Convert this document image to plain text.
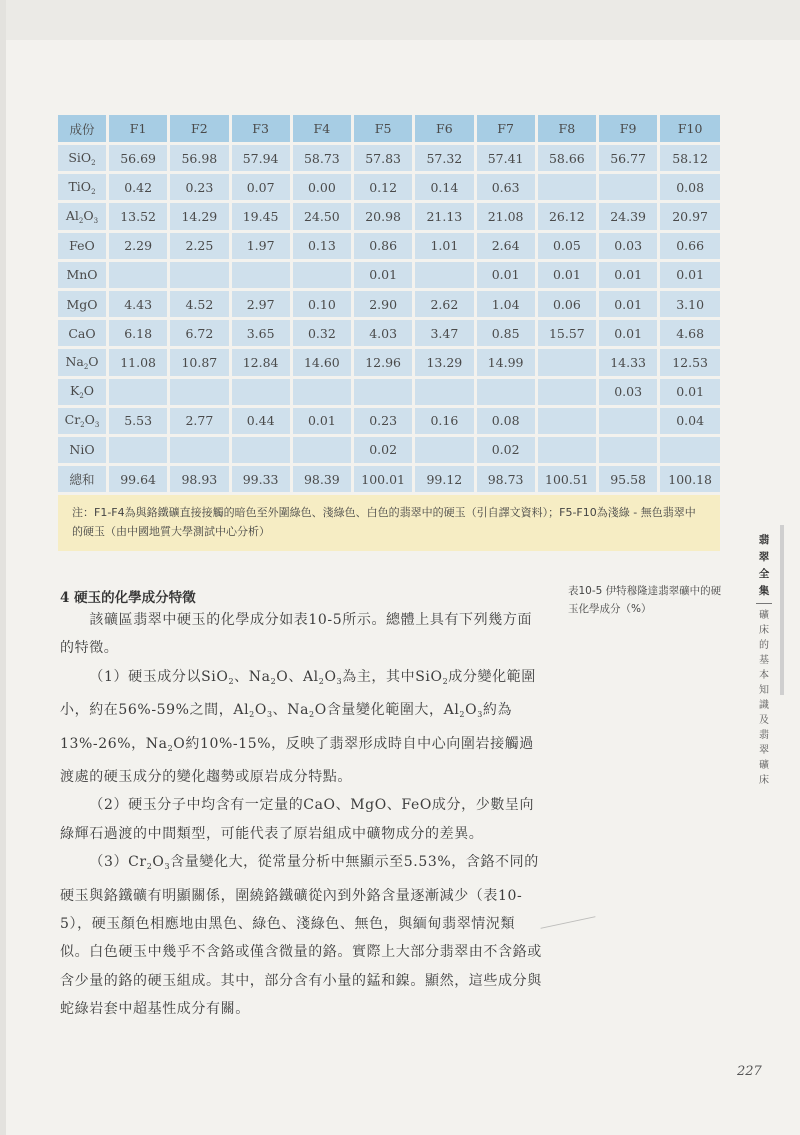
成份	F1	F2	F3	F4	F5	F6	F7	F8	F9	F10
SiO$_2$	56.69	56.98	57.94	58.73	57.83	57.32	57.41	58.66	56.77	58.12
TiO$_2$	0.42	0.23	0.07	0.00	0.12	0.14	0.63			0.08
$Al_2O_3$	13.52	14.29	19.45	24.50	20.98	21.13	21.08	26.12	24.39	20.97
FeO	2.29	2.25	1.97	0.13	0.86	1.01	2.64	0.05	0.03	0.66
MnO					0.01		0.01	0.01	0.01	0.01
MgO	4.43	4.52	2.97	0.10	2.90	2.62	1.04	0.06	0.01	3.10
CaO	6.18	6.72	3.65	0.32	4.03	3.47	0.85	15.57	0.01	4.68
$Na_2O$	11.08	10.87	12.84	14.60	12.96	13.29	14.99		14.33	12.53
$K_2O$									0.03	0.01
$Cr_2O_3$	5.53	2.77	0.44	0.01	0.23	0.16	0.08			0.04
NiO					0.02		0.02			
總和	99.64	98.93	99.33	98.39	100.01	99.12	98.73	100.51	95.58	100.18
注：F1-F4為與鉻鐵礦直接接觸的暗色至外圍綠色、淺綠色、白色的翡翠中的硬玉（引自譯文資料）；F5-F10為淺綠 - 無色翡翠中的硬玉（由中國地質大學測試中心分析）
4 硬玉的化學成分特徵

該礦區翡翠中硬玉的化學成分如表10-5所示。總體上具有下列幾方面的特徵。

（1）硬玉成分以SiO$_2$、$Na_2O$、$Al_2O_3$為主，其中SiO$_2$成分變化範圍小，約在56%-59%之間，$Al_2O_3$、$Na_2O$含量變化範圍大，$Al_2O_3$約為13%-26%，$Na_2O$約10%-15%，反映了翡翠形成時自中心向圍岩接觸過渡處的硬玉成分的變化趨勢或原岩成分特點。

（2）硬玉分子中均含有一定量的CaO、MgO、FeO成分，少數呈向綠輝石過渡的中間類型，可能代表了原岩組成中礦物成分的差異。

$(3)Cr_2O_3$含量變化大，從常量分析中無顯示至5.53%，含鉻不同的硬玉與鉻鐵礦有明顯關係，圍繞鉻鐵礦從內到外鉻含量逐漸減少（表10-5），硬玉顏色相應地由黑色、綠色、淺綠色、無色，與緬甸翡翠情況類似。白色硬玉中幾乎不含鉻或僅含微量的鉻。實際上大部分翡翠由不含鉻或含少量的鉻的硬玉組成。其中，部分含有小量的錳和鎳。顯然，這些成分與蛇綠岩套中超基性成分有關。

表10-5 伊特穆隆達翡翠礦中的硬玉化學成分（%）
翡
翠
全
集
礦
床
的
基
本
知
識
及
翡
翠
礦
床
227
